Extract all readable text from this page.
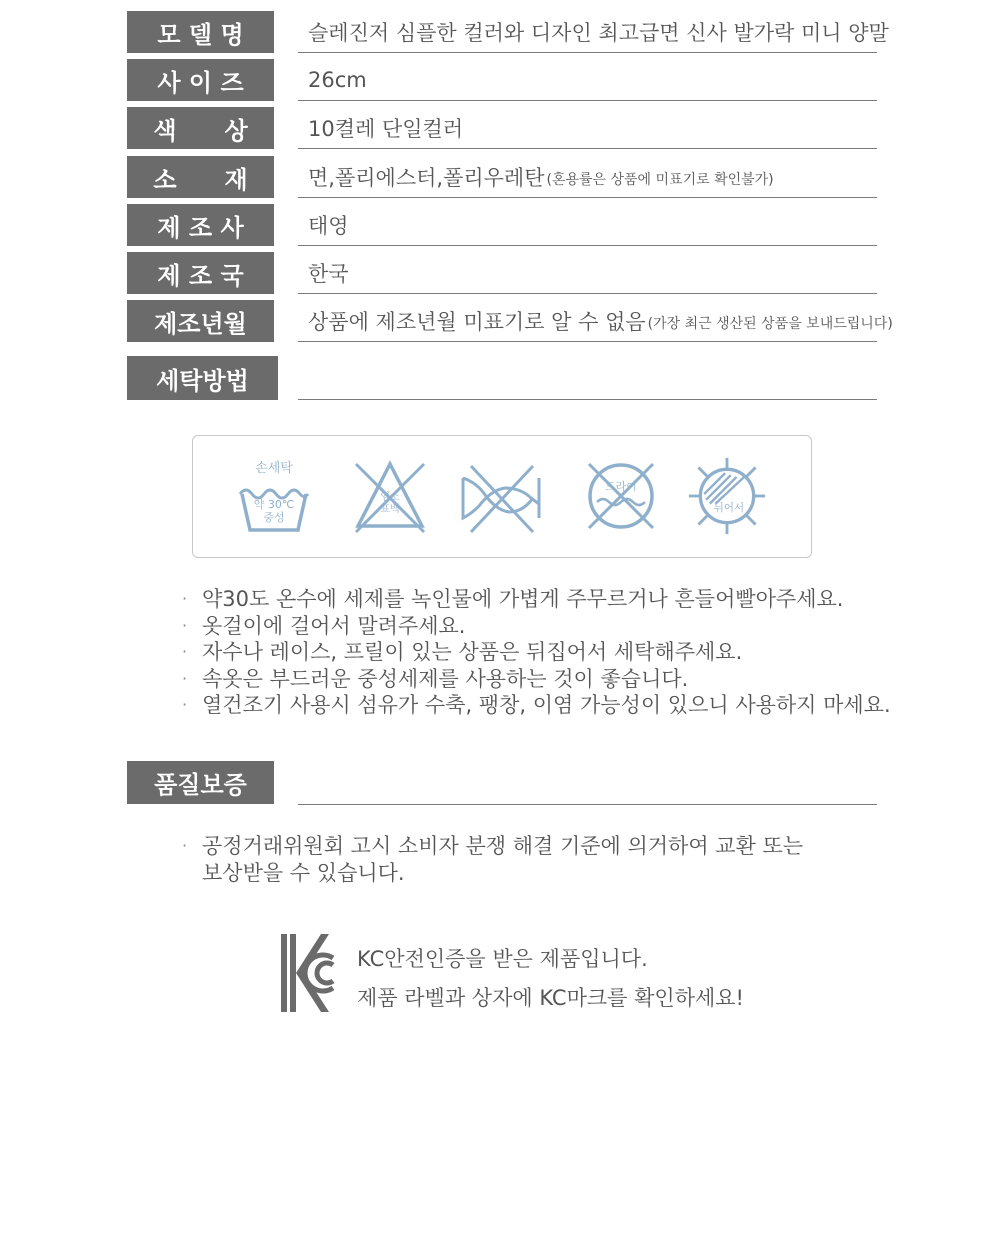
모 델 명	슬레진저 심플한 컬러와 디자인 최고급면 신사 발가락 미니 양말
사 이 즈	26cm
색　　상	10켤레 단일컬러
소　　재	면,폴리에스터,폴리우레탄 (혼용률은 상품에 미표기로 확인불가)
제 조 사	태영
제 조 국	한국
제조년월	상품에 제조년월 미표기로 알 수 없음 (가장 최근 생산된 상품을 보내드립니다)
세탁방법
손세탁
약 30℃
중성
염소
표백
드라이
뉘어서
· 약30도 온수에 세제를 녹인물에 가볍게 주무르거나 흔들어빨아주세요.
· 옷걸이에 걸어서 말려주세요.
· 자수나 레이스, 프릴이 있는 상품은 뒤집어서 세탁해주세요.
· 속옷은 부드러운 중성세제를 사용하는 것이 좋습니다.
· 열건조기 사용시 섬유가 수축, 팽창, 이염 가능성이 있으니 사용하지 마세요.
품질보증
· 공정거래위원회 고시 소비자 분쟁 해결 기준에 의거하여 교환 또는
보상받을 수 있습니다.
KC안전인증을 받은 제품입니다.
제품 라벨과 상자에 KC마크를 확인하세요!
